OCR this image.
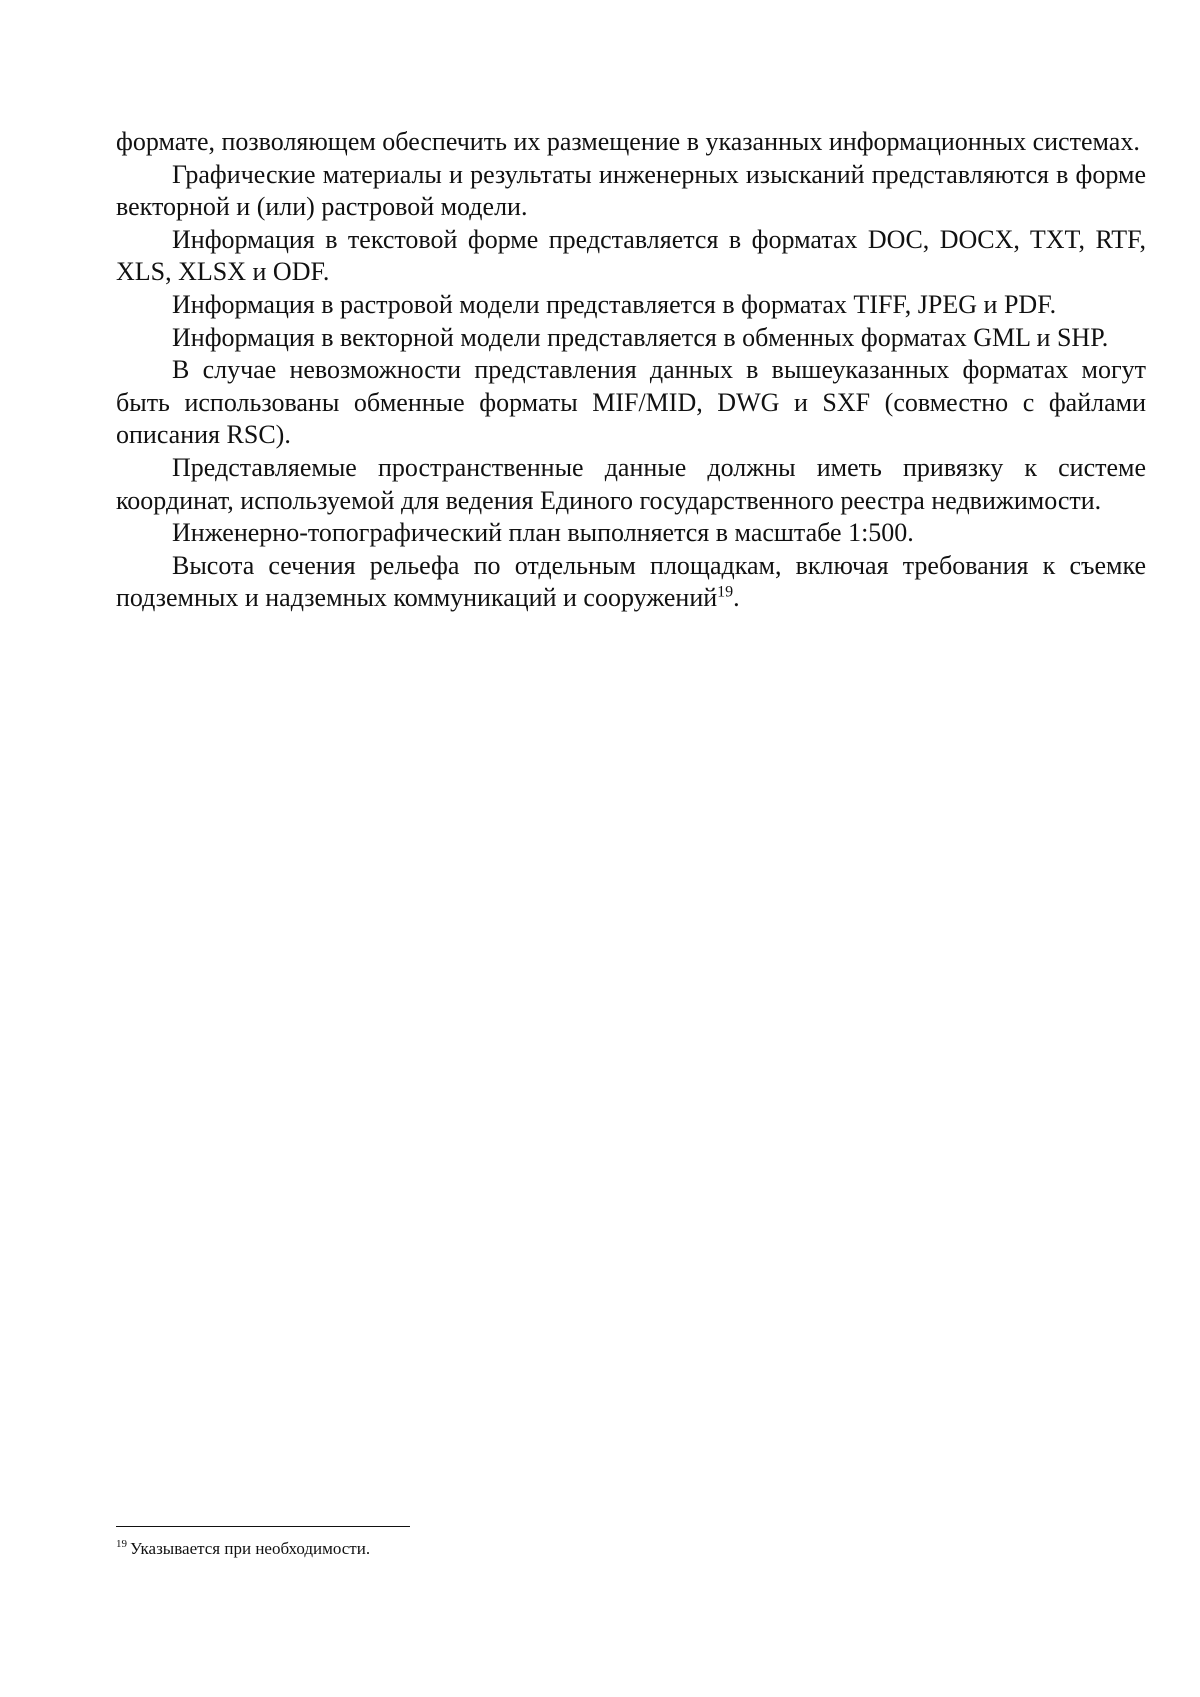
форматe, позволяющем обеспечить их размещение в указанных информационных системах.

Графические материалы и результаты инженерных изысканий представляются в форме векторной и (или) растровой модели.

Информация в текстовой форме представляется в форматах DOC, DOCX, TXT, RTF, XLS, XLSX и ODF.

Информация в растровой модели представляется в форматах TIFF, JPEG и PDF.

Информация в векторной модели представляется в обменных форматах GML и SHP.

В случае невозможности представления данных в вышеуказанных форматах могут быть использованы обменные форматы MIF/MID, DWG и SXF (совместно с файлами описания RSC).

Представляемые пространственные данные должны иметь привязку к системе координат, используемой для ведения Единого государственного реестра недвижимости.

Инженерно-топографический план выполняется в масштабе 1:500.

Высота сечения рельефа по отдельным площадкам, включая требования к съемке подземных и надземных коммуникаций и сооружений$^{19}$.

$^{19}$ Указывается при необходимости.
